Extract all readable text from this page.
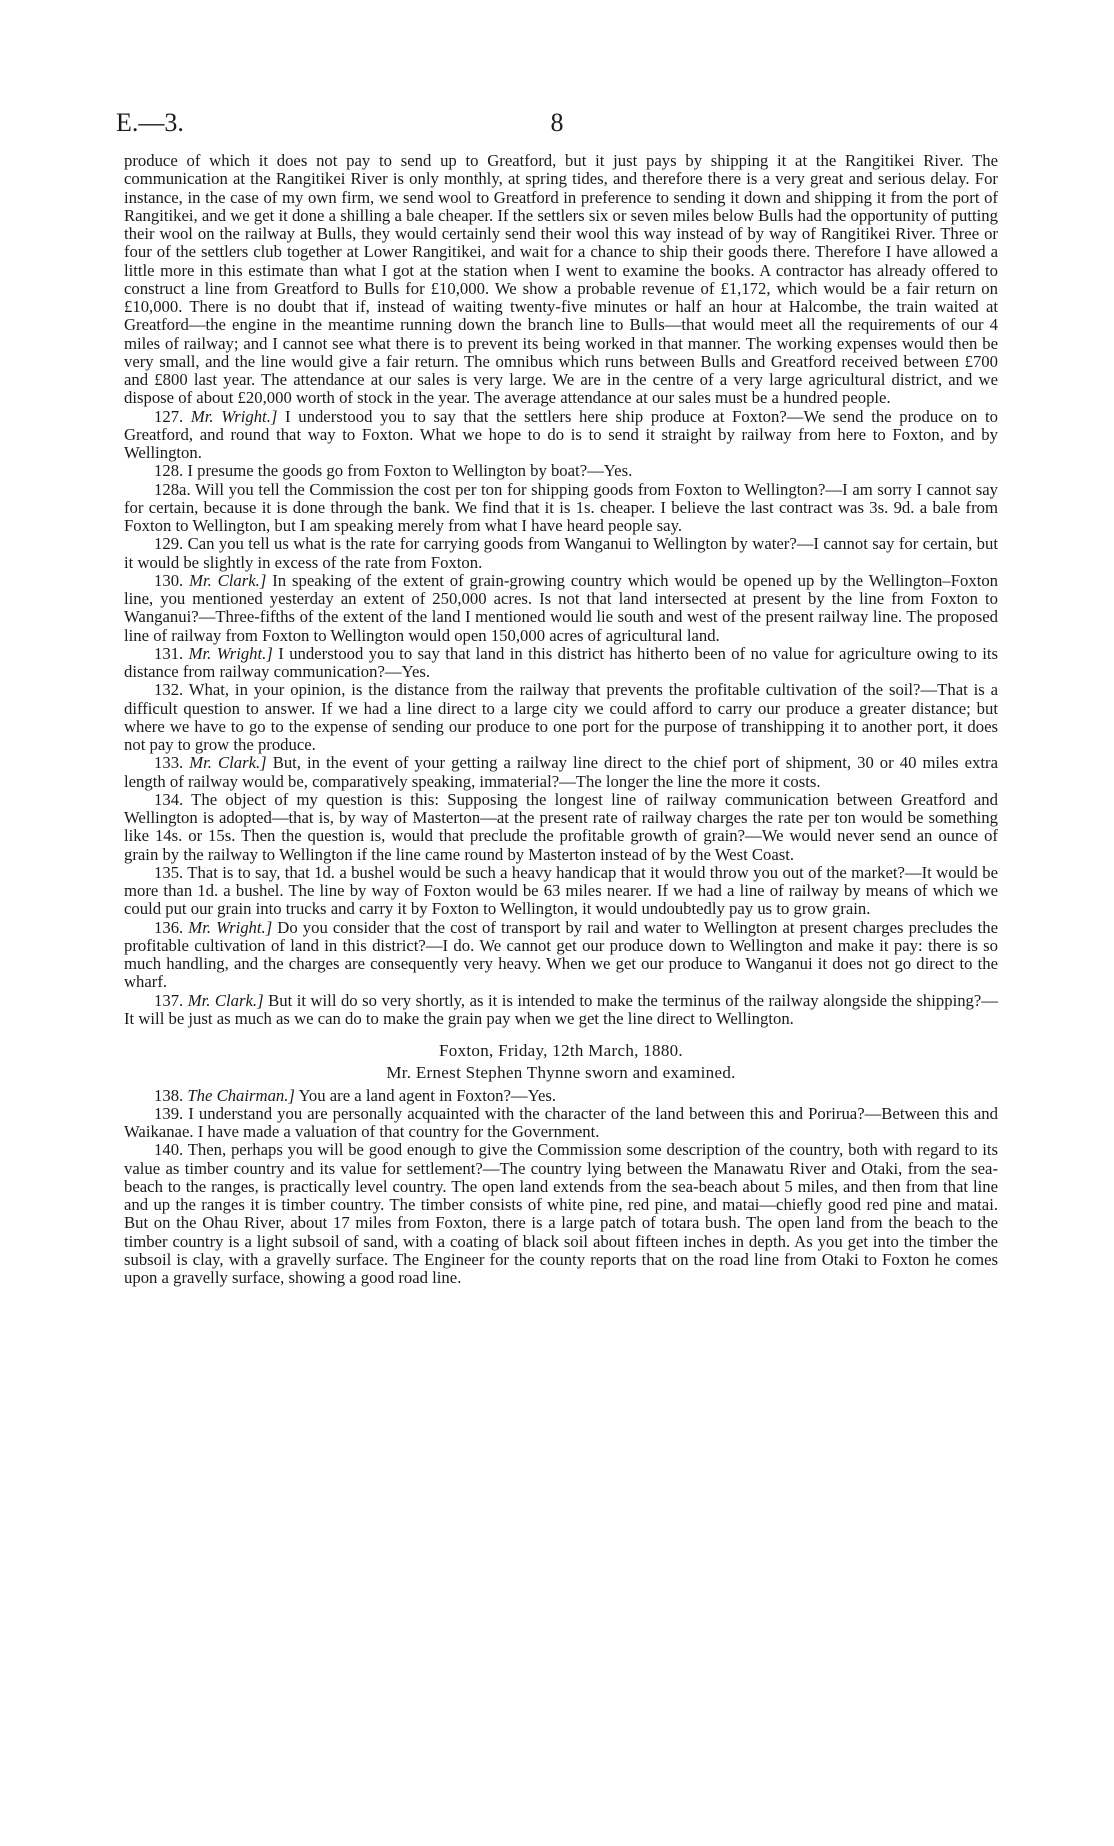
E.—3.	8

produce of which it does not pay to send up to Greatford, but it just pays by shipping it at the Rangitikei River. The communication at the Rangitikei River is only monthly, at spring tides, and therefore there is a very great and serious delay. For instance, in the case of my own firm, we send wool to Greatford in preference to sending it down and shipping it from the port of Rangitikei, and we get it done a shilling a bale cheaper. If the settlers six or seven miles below Bulls had the opportunity of putting their wool on the railway at Bulls, they would certainly send their wool this way instead of by way of Rangitikei River. Three or four of the settlers club together at Lower Rangitikei, and wait for a chance to ship their goods there. Therefore I have allowed a little more in this estimate than what I got at the station when I went to examine the books. A contractor has already offered to construct a line from Greatford to Bulls for £10,000. We show a probable revenue of £1,172, which would be a fair return on £10,000. There is no doubt that if, instead of waiting twenty-five minutes or half an hour at Halcombe, the train waited at Greatford—the engine in the meantime running down the branch line to Bulls—that would meet all the requirements of our 4 miles of railway; and I cannot see what there is to prevent its being worked in that manner. The working expenses would then be very small, and the line would give a fair return. The omnibus which runs between Bulls and Greatford received between £700 and £800 last year. The attendance at our sales is very large. We are in the centre of a very large agricultural district, and we dispose of about £20,000 worth of stock in the year. The average attendance at our sales must be a hundred people.

127. Mr. Wright.] I understood you to say that the settlers here ship produce at Foxton?—We send the produce on to Greatford, and round that way to Foxton. What we hope to do is to send it straight by railway from here to Foxton, and by Wellington.

128. I presume the goods go from Foxton to Wellington by boat?—Yes.

128a. Will you tell the Commission the cost per ton for shipping goods from Foxton to Wellington?—I am sorry I cannot say for certain, because it is done through the bank. We find that it is 1s. cheaper. I believe the last contract was 3s. 9d. a bale from Foxton to Wellington, but I am speaking merely from what I have heard people say.

129. Can you tell us what is the rate for carrying goods from Wanganui to Wellington by water?—I cannot say for certain, but it would be slightly in excess of the rate from Foxton.

130. Mr. Clark.] In speaking of the extent of grain-growing country which would be opened up by the Wellington–Foxton line, you mentioned yesterday an extent of 250,000 acres. Is not that land intersected at present by the line from Foxton to Wanganui?—Three-fifths of the extent of the land I mentioned would lie south and west of the present railway line. The proposed line of railway from Foxton to Wellington would open 150,000 acres of agricultural land.

131. Mr. Wright.] I understood you to say that land in this district has hitherto been of no value for agriculture owing to its distance from railway communication?—Yes.

132. What, in your opinion, is the distance from the railway that prevents the profitable cultivation of the soil?—That is a difficult question to answer. If we had a line direct to a large city we could afford to carry our produce a greater distance; but where we have to go to the expense of sending our produce to one port for the purpose of transhipping it to another port, it does not pay to grow the produce.

133. Mr. Clark.] But, in the event of your getting a railway line direct to the chief port of shipment, 30 or 40 miles extra length of railway would be, comparatively speaking, immaterial?—The longer the line the more it costs.

134. The object of my question is this: Supposing the longest line of railway communication between Greatford and Wellington is adopted—that is, by way of Masterton—at the present rate of railway charges the rate per ton would be something like 14s. or 15s. Then the question is, would that preclude the profitable growth of grain?—We would never send an ounce of grain by the railway to Wellington if the line came round by Masterton instead of by the West Coast.

135. That is to say, that 1d. a bushel would be such a heavy handicap that it would throw you out of the market?—It would be more than 1d. a bushel. The line by way of Foxton would be 63 miles nearer. If we had a line of railway by means of which we could put our grain into trucks and carry it by Foxton to Wellington, it would undoubtedly pay us to grow grain.

136. Mr. Wright.] Do you consider that the cost of transport by rail and water to Wellington at present charges precludes the profitable cultivation of land in this district?—I do. We cannot get our produce down to Wellington and make it pay: there is so much handling, and the charges are consequently very heavy. When we get our produce to Wanganui it does not go direct to the wharf.

137. Mr. Clark.] But it will do so very shortly, as it is intended to make the terminus of the railway alongside the shipping?—It will be just as much as we can do to make the grain pay when we get the line direct to Wellington.

Foxton, Friday, 12th March, 1880.

Mr. Ernest Stephen Thynne sworn and examined.

138. The Chairman.] You are a land agent in Foxton?—Yes.

139. I understand you are personally acquainted with the character of the land between this and Porirua?—Between this and Waikanae. I have made a valuation of that country for the Government.

140. Then, perhaps you will be good enough to give the Commission some description of the country, both with regard to its value as timber country and its value for settlement?—The country lying between the Manawatu River and Otaki, from the sea-beach to the ranges, is practically level country. The open land extends from the sea-beach about 5 miles, and then from that line and up the ranges it is timber country. The timber consists of white pine, red pine, and matai—chiefly good red pine and matai. But on the Ohau River, about 17 miles from Foxton, there is a large patch of totara bush. The open land from the beach to the timber country is a light subsoil of sand, with a coating of black soil about fifteen inches in depth. As you get into the timber the subsoil is clay, with a gravelly surface. The Engineer for the county reports that on the road line from Otaki to Foxton he comes upon a gravelly surface, showing a good road line.
